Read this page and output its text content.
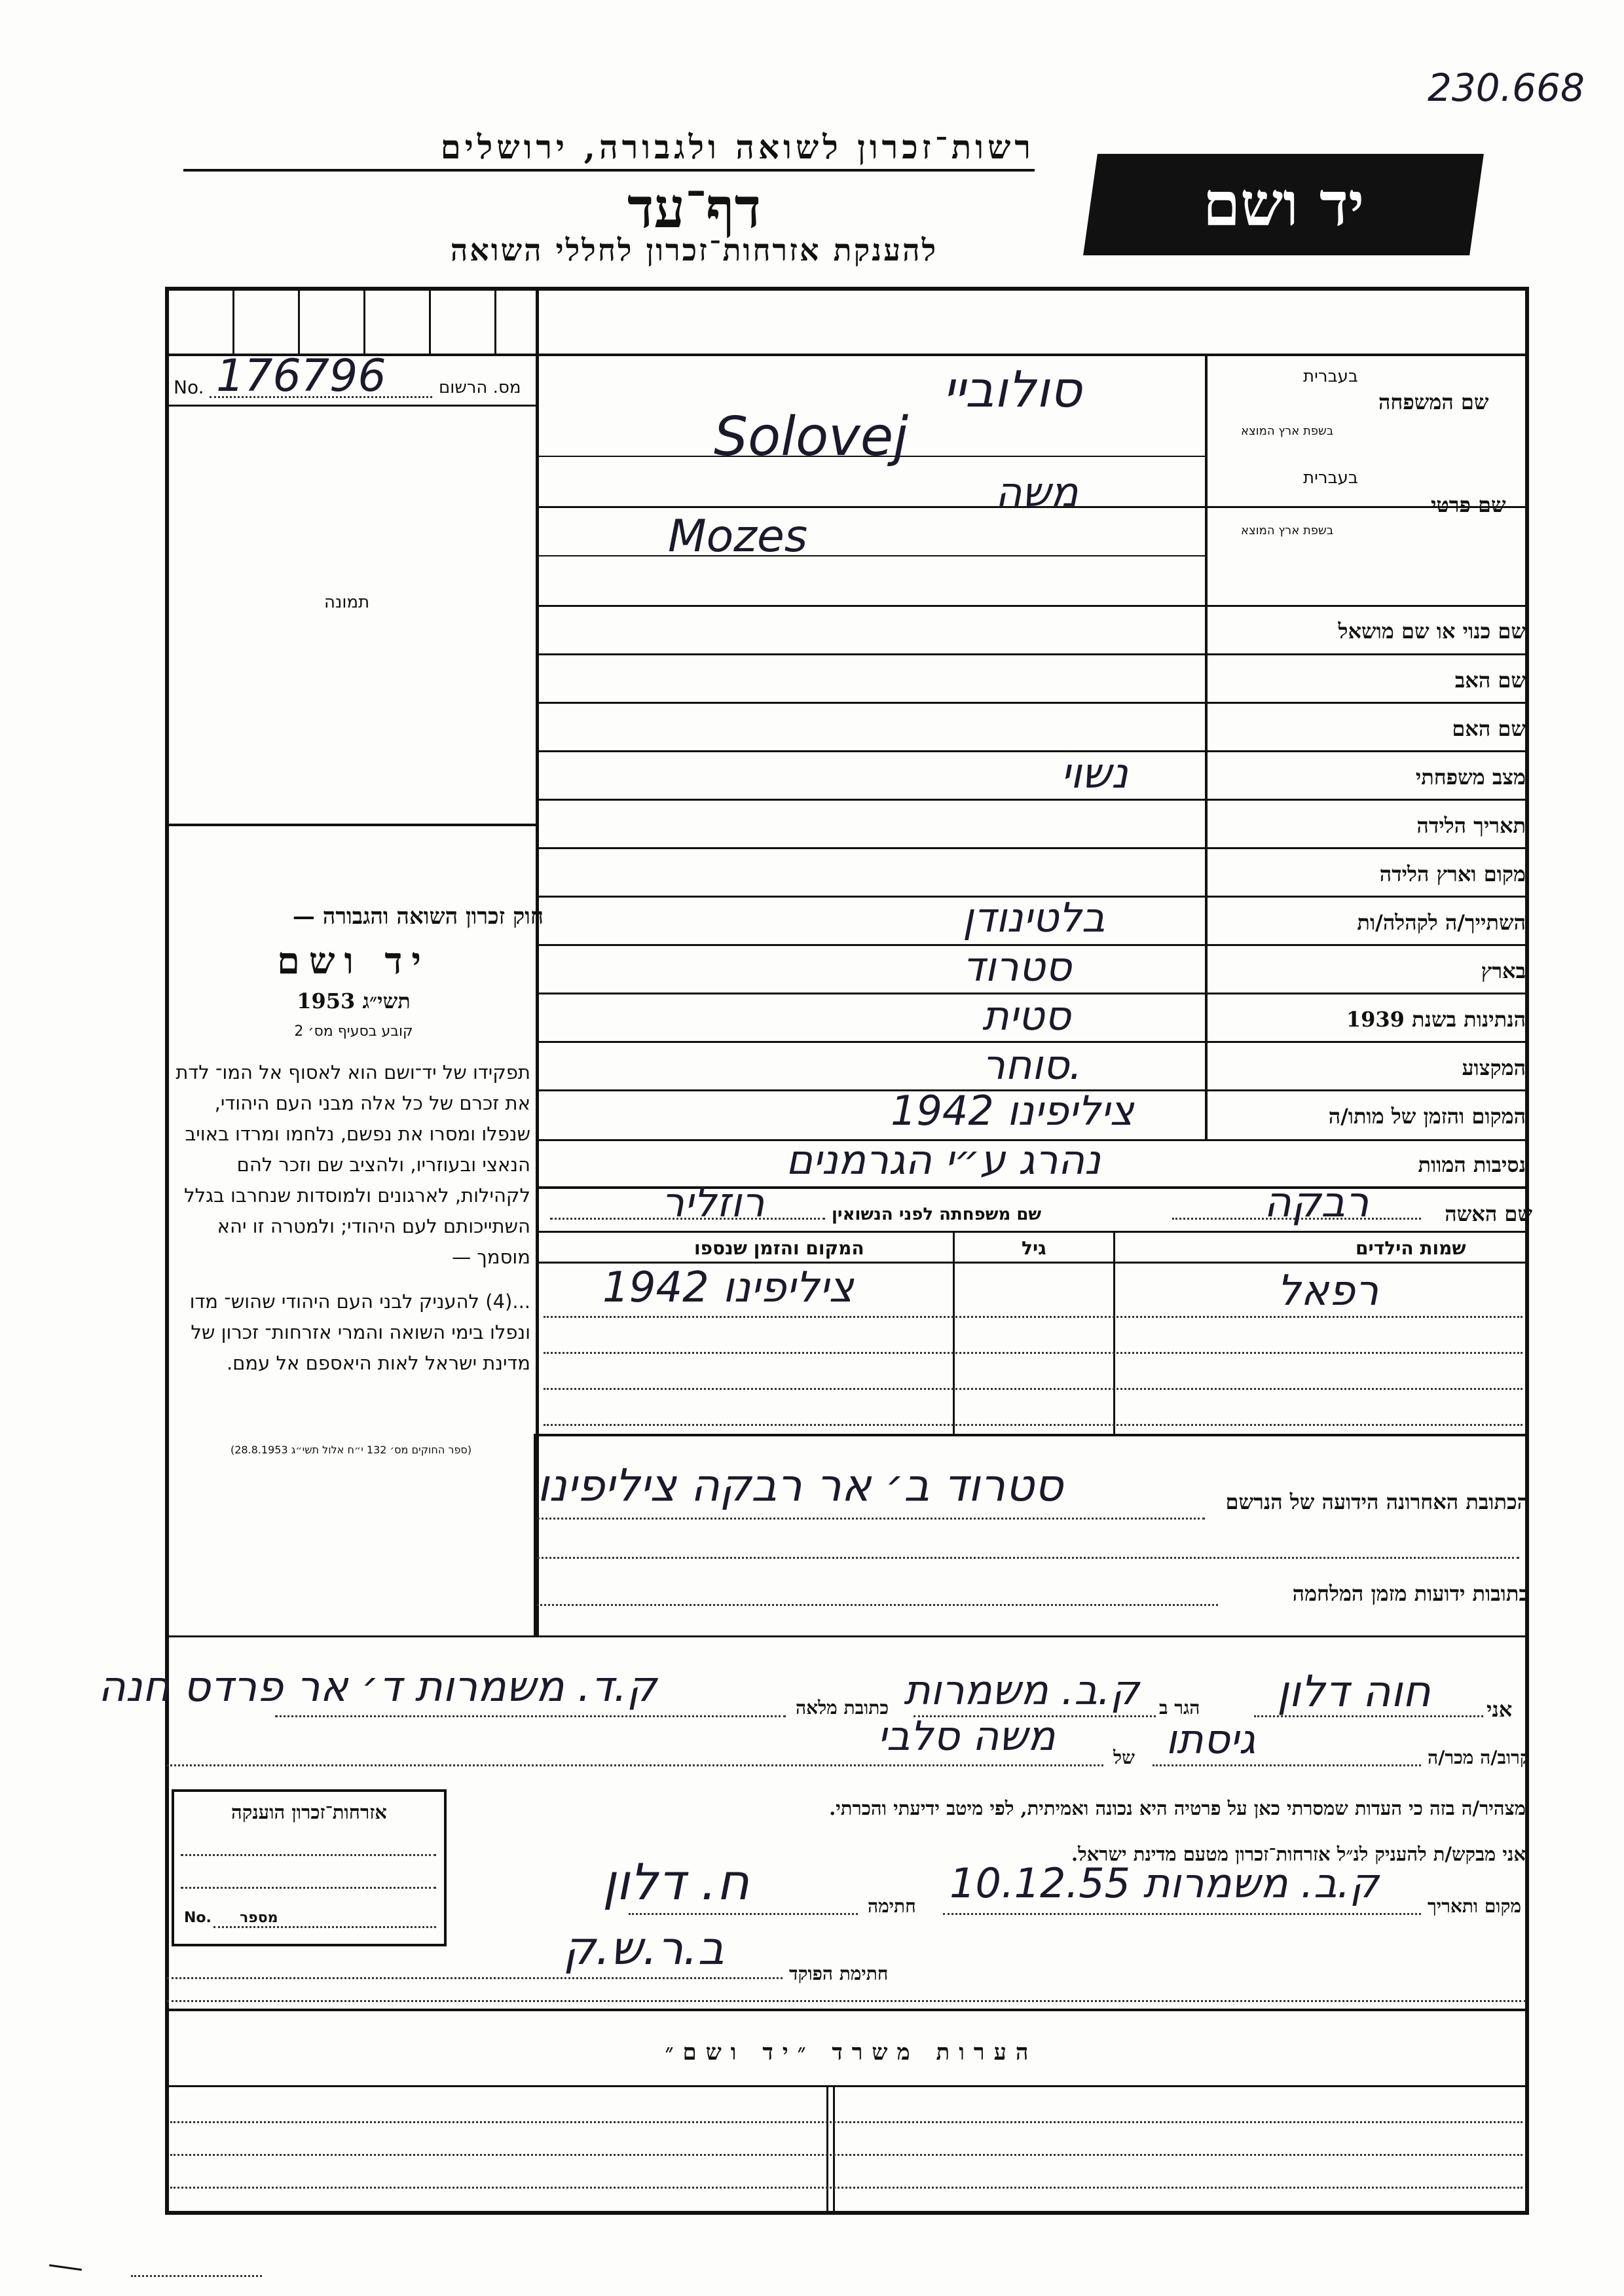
230.668
רשות־זכרון לשואה ולגבורה, ירושלים
דף־עד
להענקת אזרחות־זכרון לחללי השואה
יד ושם
No. 176796	מס. הרשום
תמונה
חוק זכרון השואה והגבורה —
יד ושם
תשי״ג 1953
קובע בסעיף מס׳ 2
תפקידו של יד־ושם הוא לאסוף אל המו־ לדת את זכרם של כל אלה מבני העם היהודי, שנפלו ומסרו את נפשם, נלחמו ומרדו באויב הנאצי ובעוזריו, ולהציב שם וזכר להם לקהילות, לארגונים ולמוסדות שנחרבו בגלל השתייכותם לעם היהודי; ולמטרה זו יהא מוסמך —
...(4) להעניק לבני העם היהודי שהוש־ מדו ונפלו בימי השואה והמרי אזרחות־ זכרון של מדינת ישראל לאות היאספם אל עמם.
(ספר החוקים מס׳ 132 י״ח אלול תשי״ג 28.8.1953)
בעברית
בשפת ארץ המוצא
שם המשפחה
סולוביי
Solovej
בעברית
בשפת ארץ המוצא
שם פרטי
משה
Mozes
שם כנוי או שם מושאל
שם האב
שם האם
מצב משפחתי
נשוי
תאריך הלידה
מקום וארץ הלידה
השתייך/ה לקהלה/ות
בלטינודן
בארץ
סטרוד
הנתינות בשנת 1939
סטית
המקצוע
סוחר.
המקום והזמן של מותו/ה
ציליפינו 1942
נסיבות המוות
נהרג ע״י הגרמנים
שם האשה
רבקה
שם משפחתה לפני הנשואין
רוזליר
שמות הילדים
גיל
המקום והזמן שנספו
רפאל
ציליפינו 1942
הכתובת האחרונה הידועה של הנרשם
סטרוד ב׳ אר רבקה ציליפינו
כתובות ידועות מזמן המלחמה
אני
חוה דלון
הגר ב
ק.ב. משמרות
כתובת מלאה
ק.ד. משמרות ד׳ אר פרדס חנה
קרוב/ה מכר/ה
גיסתו
של
משה סלבי
מצהיר/ה בזה כי העדות שמסרתי כאן על פרטיה היא נכונה ואמיתית, לפי מיטב ידיעתי והכרתי.
אני מבקש/ת להעניק לנ״ל אזרחות־זכרון מטעם מדינת ישראל.
מקום ותאריך
ק.ב. משמרות 10.12.55
חתימה
ח. דלון
אזרחות־זכרון הוענקה
No. מספר
חתימת הפוקד
ב.ר.ש.ק
הערות משרד ״יד ושם״
